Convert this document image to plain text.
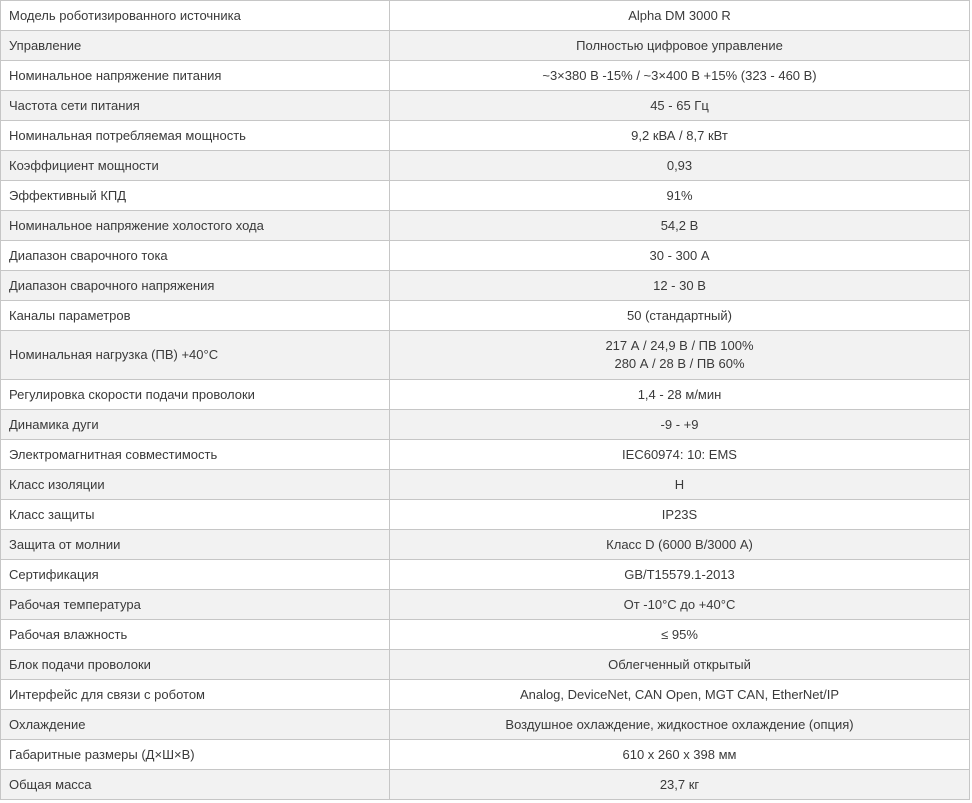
Модель роботизированного источника	Alpha DM 3000 R
Управление	Полностью цифровое управление
Номинальное напряжение питания	~3×380 В -15% / ~3×400 В +15% (323 - 460 В)
Частота сети питания	45 - 65 Гц
Номинальная потребляемая мощность	9,2 кВА / 8,7 кВт
Коэффициент мощности	0,93
Эффективный КПД	91%
Номинальное напряжение холостого хода	54,2 В
Диапазон сварочного тока	30 - 300 А
Диапазон сварочного напряжения	12 - 30 В
Каналы параметров	50 (стандартный)
Номинальная нагрузка (ПВ) +40°C	217 А / 24,9 В / ПВ 100%
280 А / 28 В / ПВ 60%

Регулировка скорости подачи проволоки	1,4 - 28 м/мин
Динамика дуги	-9 - +9
Электромагнитная совместимость	IEC60974: 10: EMS
Класс изоляции	H
Класс защиты	IP23S
Защита от молнии	Класс D (6000 В/3000 А)
Сертификация	GB/T15579.1-2013
Рабочая температура	От -10°C до +40°C
Рабочая влажность	≤ 95%
Блок подачи проволоки	Облегченный открытый
Интерфейс для связи с роботом	Analog, DeviceNet, CAN Open, MGT CAN, EtherNet/IP
Охлаждение	Воздушное охлаждение, жидкостное охлаждение (опция)
Габаритные размеры (Д×Ш×В)	610 x 260 x 398 мм
Общая масса	23,7 кг
